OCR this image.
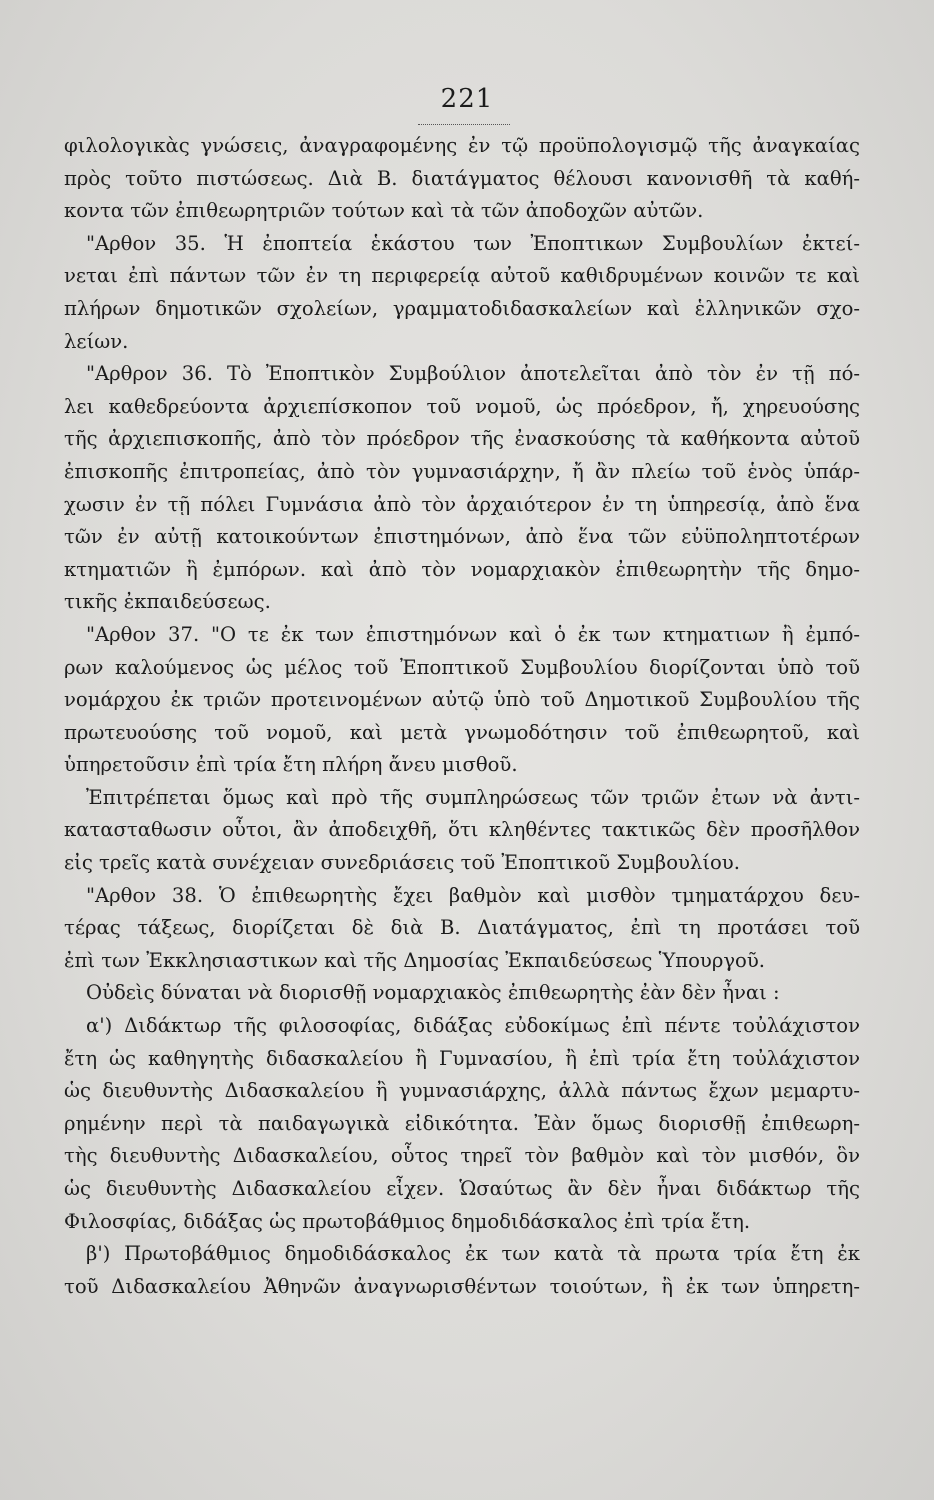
221
φιλολογικὰς γνώσεις, ἀναγραφομένης ἐν τῷ προϋπολογισμῷ τῆς ἀναγκαίας
πρὸς τοῦτο πιστώσεως. Διὰ Β. διατάγματος θέλουσι κανονισθῆ τὰ καθή-
κοντα τῶν ἐπιθεωρητριῶν τούτων καὶ τὰ τῶν ἀποδοχῶν αὐτῶν.
"Αρθον 35. Ἡ ἐποπτεία ἑκάστου των Ἐποπτικων Συμβουλίων ἐκτεί-
νεται ἐπὶ πάντων τῶν ἐν τη περιφερείᾳ αὐτοῦ καθιδρυμένων κοινῶν τε καὶ
πλήρων δημοτικῶν σχολείων, γραμματοδιδασκαλείων καὶ ἑλληνικῶν σχο-
λείων.
"Αρθρον 36. Τὸ Ἐποπτικὸν Συμβούλιον ἀποτελεῖται ἀπὸ τὸν ἐν τῇ πό-
λει καθεδρεύοντα ἀρχιεπίσκοπον τοῦ νομοῦ, ὡς πρόεδρον, ἤ, χηρευούσης
τῆς ἀρχιεπισκοπῆς, ἀπὸ τὸν πρόεδρον τῆς ἐνασκούσης τὰ καθήκοντα αὐτοῦ
ἐπισκοπῆς ἐπιτροπείας, ἀπὸ τὸν γυμνασιάρχην, ἤ ἂν πλείω τοῦ ἑνὸς ὑπάρ-
χωσιν ἐν τῇ πόλει Γυμνάσια ἀπὸ τὸν ἀρχαιότερον ἐν τη ὑπηρεσίᾳ, ἀπὸ ἕνα
τῶν ἐν αὐτῇ κατοικούντων ἐπιστημόνων, ἀπὸ ἕνα τῶν εὐϋποληπτοτέρων
κτηματιῶν ἢ ἐμπόρων. καὶ ἀπὸ τὸν νομαρχιακὸν ἐπιθεωρητὴν τῆς δημο-
τικῆς ἐκπαιδεύσεως.
"Αρθον 37. "Ο τε ἐκ των ἐπιστημόνων καὶ ὁ ἐκ των κτηματιων ἢ ἐμπό-
ρων καλούμενος ὡς μέλος τοῦ Ἐποπτικοῦ Συμβουλίου διορίζονται ὑπὸ τοῦ
νομάρχου ἐκ τριῶν προτεινομένων αὐτῷ ὑπὸ τοῦ Δημοτικοῦ Συμβουλίου τῆς
πρωτευούσης τοῦ νομοῦ, καὶ μετὰ γνωμοδότησιν τοῦ ἐπιθεωρητοῦ, καὶ
ὑπηρετοῦσιν ἐπὶ τρία ἔτη πλήρη ἄνευ μισθοῦ.
Ἐπιτρέπεται ὅμως καὶ πρὸ τῆς συμπληρώσεως τῶν τριῶν ἐτων νὰ ἀντι-
κατασταθωσιν οὗτοι, ἂν ἀποδειχθῆ, ὅτι κληθέντες τακτικῶς δὲν προσῆλθον
εἰς τρεῖς κατὰ συνέχειαν συνεδριάσεις τοῦ Ἐποπτικοῦ Συμβουλίου.
"Αρθον 38. Ὁ ἐπιθεωρητὴς ἔχει βαθμὸν καὶ μισθὸν τμηματάρχου δευ-
τέρας τάξεως, διορίζεται δὲ διὰ Β. Διατάγματος, ἐπὶ τη προτάσει τοῦ
ἐπὶ των Ἐκκλησιαστικων καὶ τῆς Δημοσίας Ἐκπαιδεύσεως Ὑπουργοῦ.
Οὐδεὶς δύναται νὰ διορισθῇ νομαρχιακὸς ἐπιθεωρητὴς ἐὰν δὲν ἦναι :
α') Διδάκτωρ τῆς φιλοσοφίας, διδάξας εὐδοκίμως ἐπὶ πέντε τοὐλάχιστον
ἔτη ὡς καθηγητὴς διδασκαλείου ἢ Γυμνασίου, ἢ ἐπὶ τρία ἔτη τοὐλάχιστον
ὡς διευθυντὴς Διδασκαλείου ἢ γυμνασιάρχης, ἀλλὰ πάντως ἔχων μεμαρτυ-
ρημένην περὶ τὰ παιδαγωγικὰ εἰδικότητα. Ἐὰν ὅμως διορισθῇ ἐπιθεωρη-
τὴς διευθυντὴς Διδασκαλείου, οὗτος τηρεῖ τὸν βαθμὸν καὶ τὸν μισθόν, ὃν
ὡς διευθυντὴς Διδασκαλείου εἶχεν. Ὡσαύτως ἂν δὲν ἦναι διδάκτωρ τῆς
Φιλοσφίας, διδάξας ὡς πρωτοβάθμιος δημοδιδάσκαλος ἐπὶ τρία ἔτη.
β') Πρωτοβάθμιος δημοδιδάσκαλος ἐκ των κατὰ τὰ πρωτα τρία ἔτη ἐκ
τοῦ Διδασκαλείου Ἀθηνῶν ἀναγνωρισθέντων τοιούτων, ἢ ἐκ των ὑπηρετη-
